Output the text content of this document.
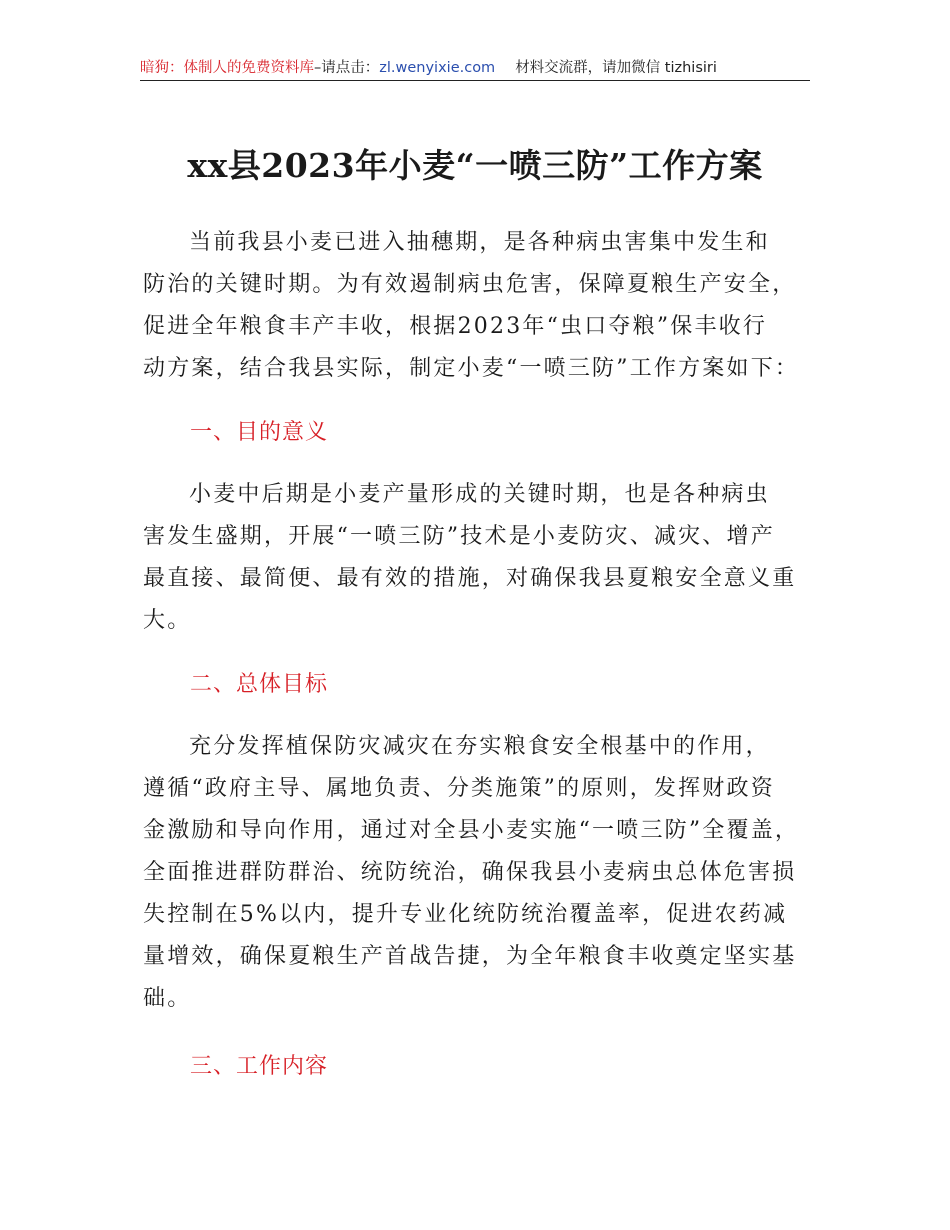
暗狗：体制人的免费资料库–请点击：zl.wenyixie.com 材料交流群，请加微信 tizhisiri
xx县2023年小麦“一喷三防”工作方案

当前我县小麦已进入抽穗期，是各种病虫害集中发生和
防治的关键时期。为有效遏制病虫危害，保障夏粮生产安全，
促进全年粮食丰产丰收，根据2023年“虫口夺粮”保丰收行
动方案，结合我县实际，制定小麦“一喷三防”工作方案如下：

一、目的意义

小麦中后期是小麦产量形成的关键时期，也是各种病虫
害发生盛期，开展“一喷三防”技术是小麦防灾、减灾、增产
最直接、最简便、最有效的措施，对确保我县夏粮安全意义重
大。

二、总体目标

充分发挥植保防灾减灾在夯实粮食安全根基中的作用，
遵循“政府主导、属地负责、分类施策”的原则，发挥财政资
金激励和导向作用，通过对全县小麦实施“一喷三防”全覆盖，
全面推进群防群治、统防统治，确保我县小麦病虫总体危害损
失控制在5%以内，提升专业化统防统治覆盖率，促进农药减
量增效，确保夏粮生产首战告捷，为全年粮食丰收奠定坚实基
础。

三、工作内容
